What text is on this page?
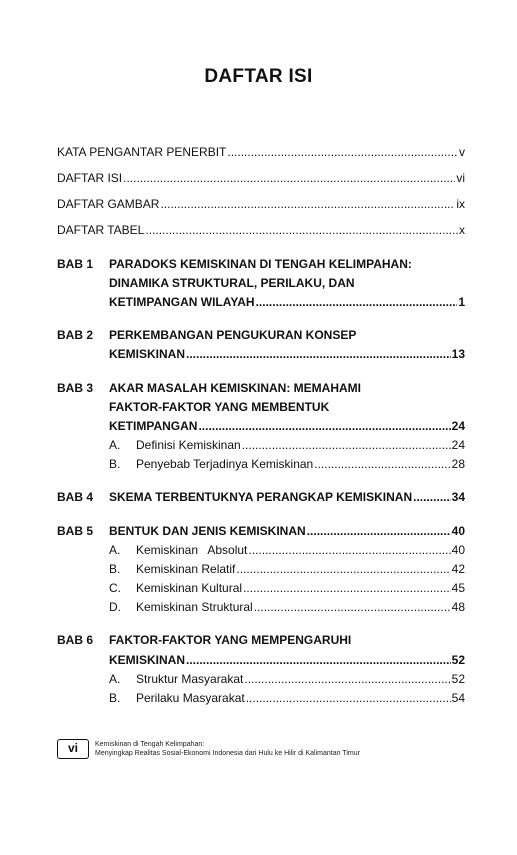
DAFTAR ISI
KATA PENGANTAR PENERBIT .....	v
DAFTAR ISI .....	vi
DAFTAR GAMBAR .....	ix
DAFTAR TABEL .....	x
BAB 1 PARADOKS KEMISKINAN DI TENGAH KELIMPAHAN:
DINAMIKA STRUKTURAL, PERILAKU, DAN
KETIMPANGAN WILAYAH .....	1
BAB 2 PERKEMBANGAN PENGUKURAN KONSEP
KEMISKINAN .....	13
BAB 3 AKAR MASALAH KEMISKINAN: MEMAHAMI
FAKTOR-FAKTOR YANG MEMBENTUK
KETIMPANGAN .....	24
A. Definisi Kemiskinan .....	24
B. Penyebab Terjadinya Kemiskinan .....	28
BAB 4 SKEMA TERBENTUKNYA PERANGKAP KEMISKINAN .....	34
BAB 5 BENTUK DAN JENIS KEMISKINAN .....	40
A. Kemiskinan   Absolut .....	40
B. Kemiskinan Relatif .....	42
C. Kemiskinan Kultural .....	45
D. Kemiskinan Struktural .....	48
BAB 6 FAKTOR-FAKTOR YANG MEMPENGARUHI
KEMISKINAN .....	52
A. Struktur Masyarakat .....	52
B. Perilaku Masyarakat .....	54
vi	Kemiskinan di Tengah Kelimpahan:
Menyingkap Realitas Sosial-Ekonomi Indonesia dari Hulu ke Hilir di Kalimantan Timur
